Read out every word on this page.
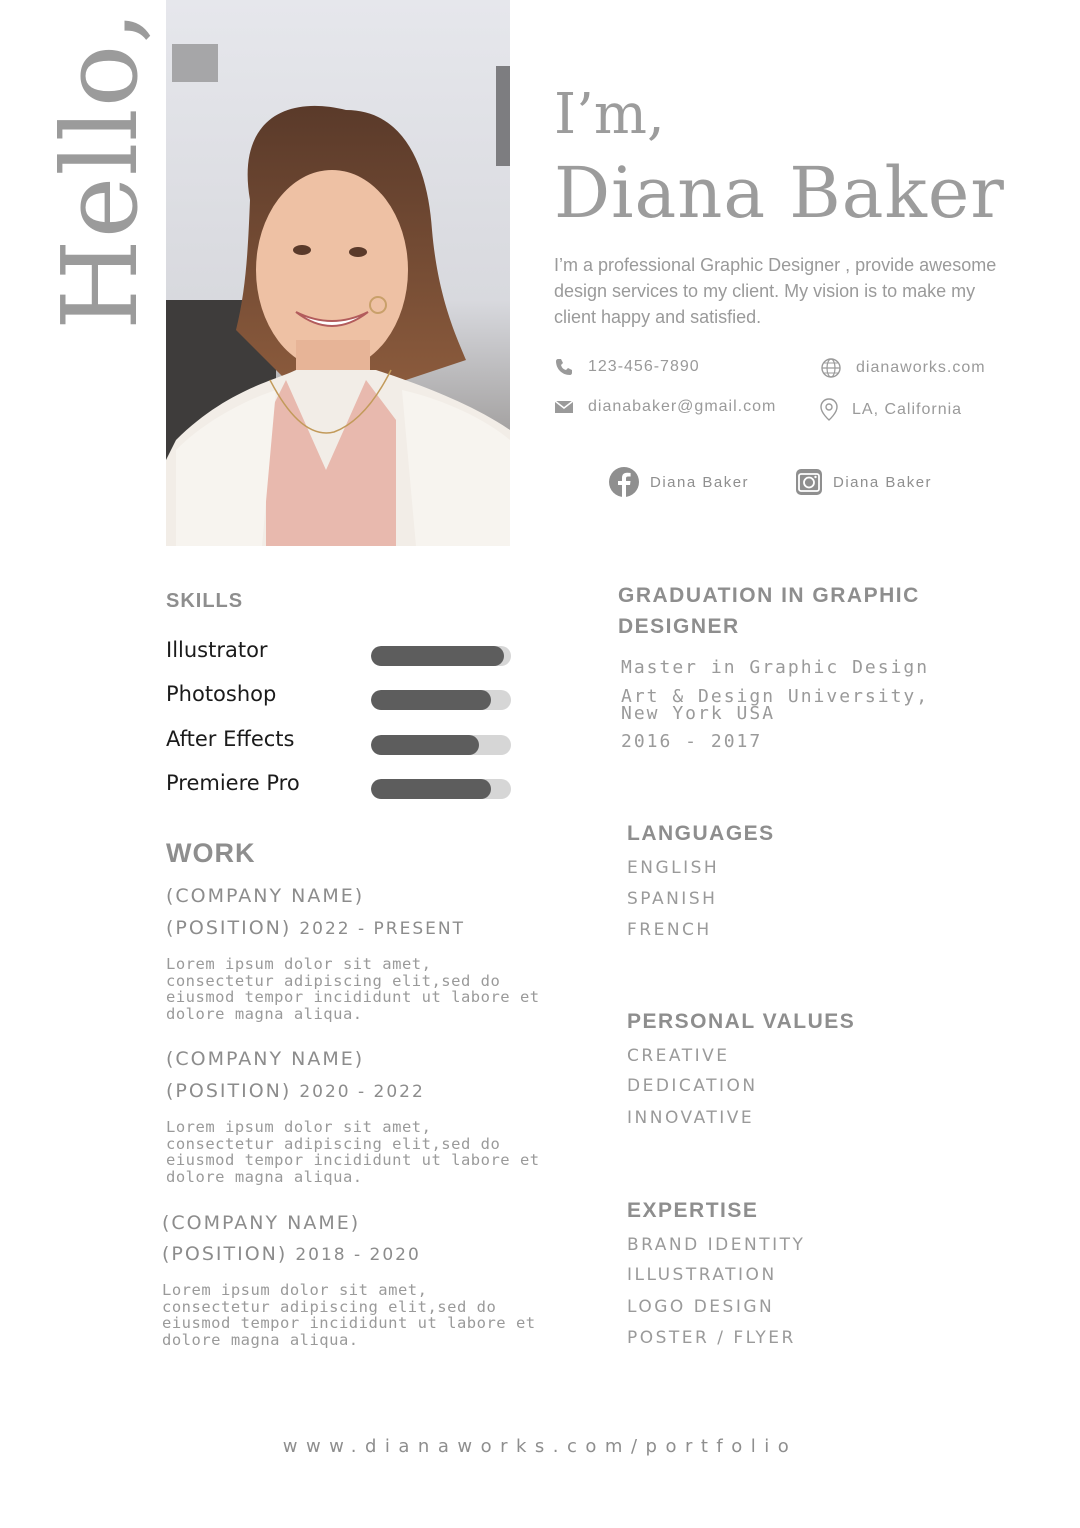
Hello,	I’m,
Diana Baker
I’m a professional Graphic Designer , provide awesome design services to my client. My vision is to make my client happy and satisfied.
123-456-7890	dianaworks.com
dianabaker@gmail.com	LA, California
Diana Baker	Diana Baker
SKILLS
Illustrator
Photoshop
After Effects
Premiere Pro
WORK
(COMPANY NAME)
(POSITION) 2022 - PRESENT
Lorem ipsum dolor sit amet, consectetur adipiscing elit,sed do eiusmod tempor incididunt ut labore et dolore magna aliqua.
(COMPANY NAME)
(POSITION) 2020 - 2022
Lorem ipsum dolor sit amet, consectetur adipiscing elit,sed do eiusmod tempor incididunt ut labore et dolore magna aliqua.
(COMPANY NAME)
(POSITION) 2018 - 2020
Lorem ipsum dolor sit amet, consectetur adipiscing elit,sed do eiusmod tempor incididunt ut labore et dolore magna aliqua.
GRADUATION IN GRAPHIC
DESIGNER
Master in Graphic Design
Art & Design University,
New York USA
2016 - 2017
LANGUAGES
ENGLISH
SPANISH
FRENCH
PERSONAL VALUES
CREATIVE
DEDICATION
INNOVATIVE
EXPERTISE
BRAND IDENTITY
ILLUSTRATION
LOGO DESIGN
POSTER / FLYER
www.dianaworks.com/portfolio
